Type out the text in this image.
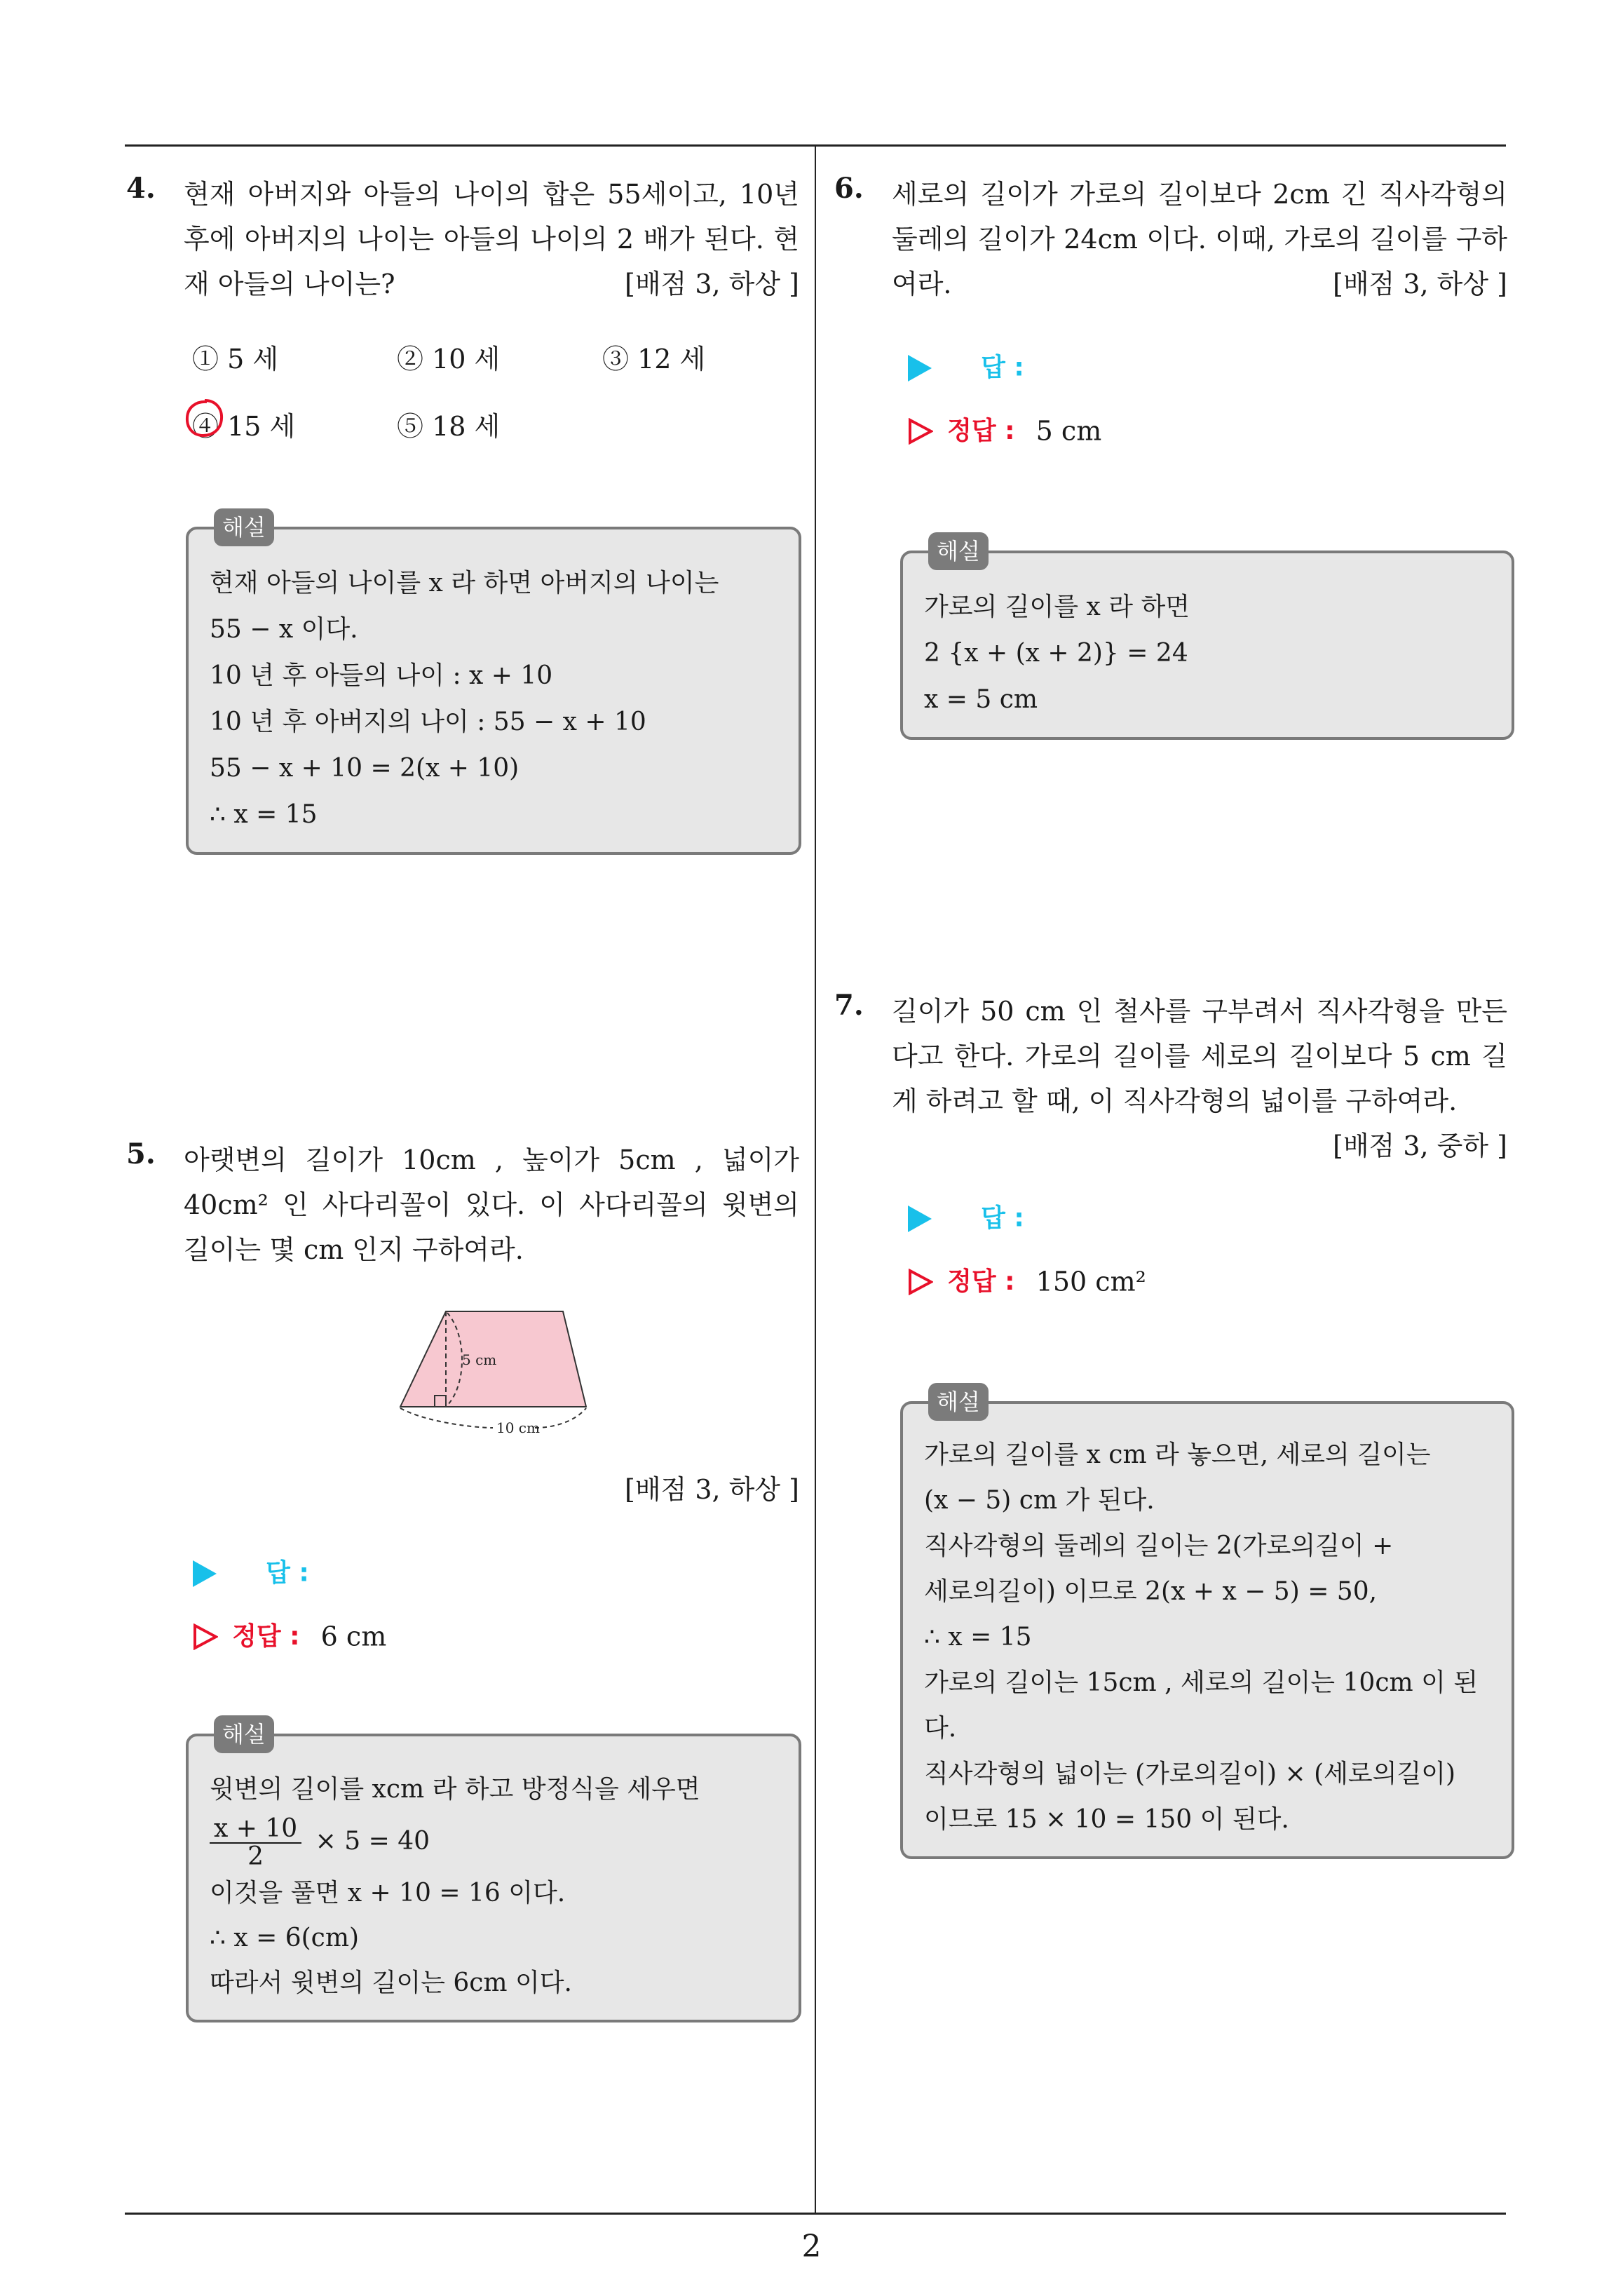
4. 현재 아버지와 아들의 나이의 합은 55세이고, 10년 후에 아버지의 나이는 아들의 나이의 2 배가 된다. 현재 아들의 나이는?	[배점 3, 하상 ]
① 5 세	② 10 세	③ 12 세
④ 15 세	⑤ 18 세
해설
현재 아들의 나이를 x 라 하면 아버지의 나이는
55 − x 이다.
10 년 후 아들의 나이 : x + 10
10 년 후 아버지의 나이 : 55 − x + 10
55 − x + 10 = 2(x + 10)
∴ x = 15
5. 아랫변의 길이가 10cm , 높이가 5cm , 넓이가 40cm² 인 사다리꼴이 있다. 이 사다리꼴의 윗변의 길이는 몇 cm 인지 구하여라.
5 cm
10 cm
[배점 3, 하상 ]
답 :
정답 : 6 cm
해설
윗변의 길이를 xcm 라 하고 방정식을 세우면
$\frac{x + 10}{2} \times 5 = 40$
이것을 풀면 x + 10 = 16 이다.
∴ x = 6(cm)
따라서 윗변의 길이는 6cm 이다.
6. 세로의 길이가 가로의 길이보다 2cm 긴 직사각형의 둘레의 길이가 24cm 이다. 이때, 가로의 길이를 구하여라.	[배점 3, 하상 ]
답 :
정답 : 5 cm
해설
가로의 길이를 x 라 하면
2 {x + (x + 2)} = 24
x = 5 cm
7. 길이가 50 cm 인 철사를 구부려서 직사각형을 만든다고 한다. 가로의 길이를 세로의 길이보다 5 cm 길게 하려고 할 때, 이 직사각형의 넓이를 구하여라.
[배점 3, 중하 ]
답 :
정답 : 150 cm²
해설
가로의 길이를 x cm 라 놓으면, 세로의 길이는
(x − 5) cm 가 된다.
직사각형의 둘레의 길이는 2(가로의길이 +
세로의길이) 이므로 2(x + x − 5) = 50,
∴ x = 15
가로의 길이는 15cm , 세로의 길이는 10cm 이 된
다.
직사각형의 넓이는 (가로의길이) × (세로의길이)
이므로 15 × 10 = 150 이 된다.
2
